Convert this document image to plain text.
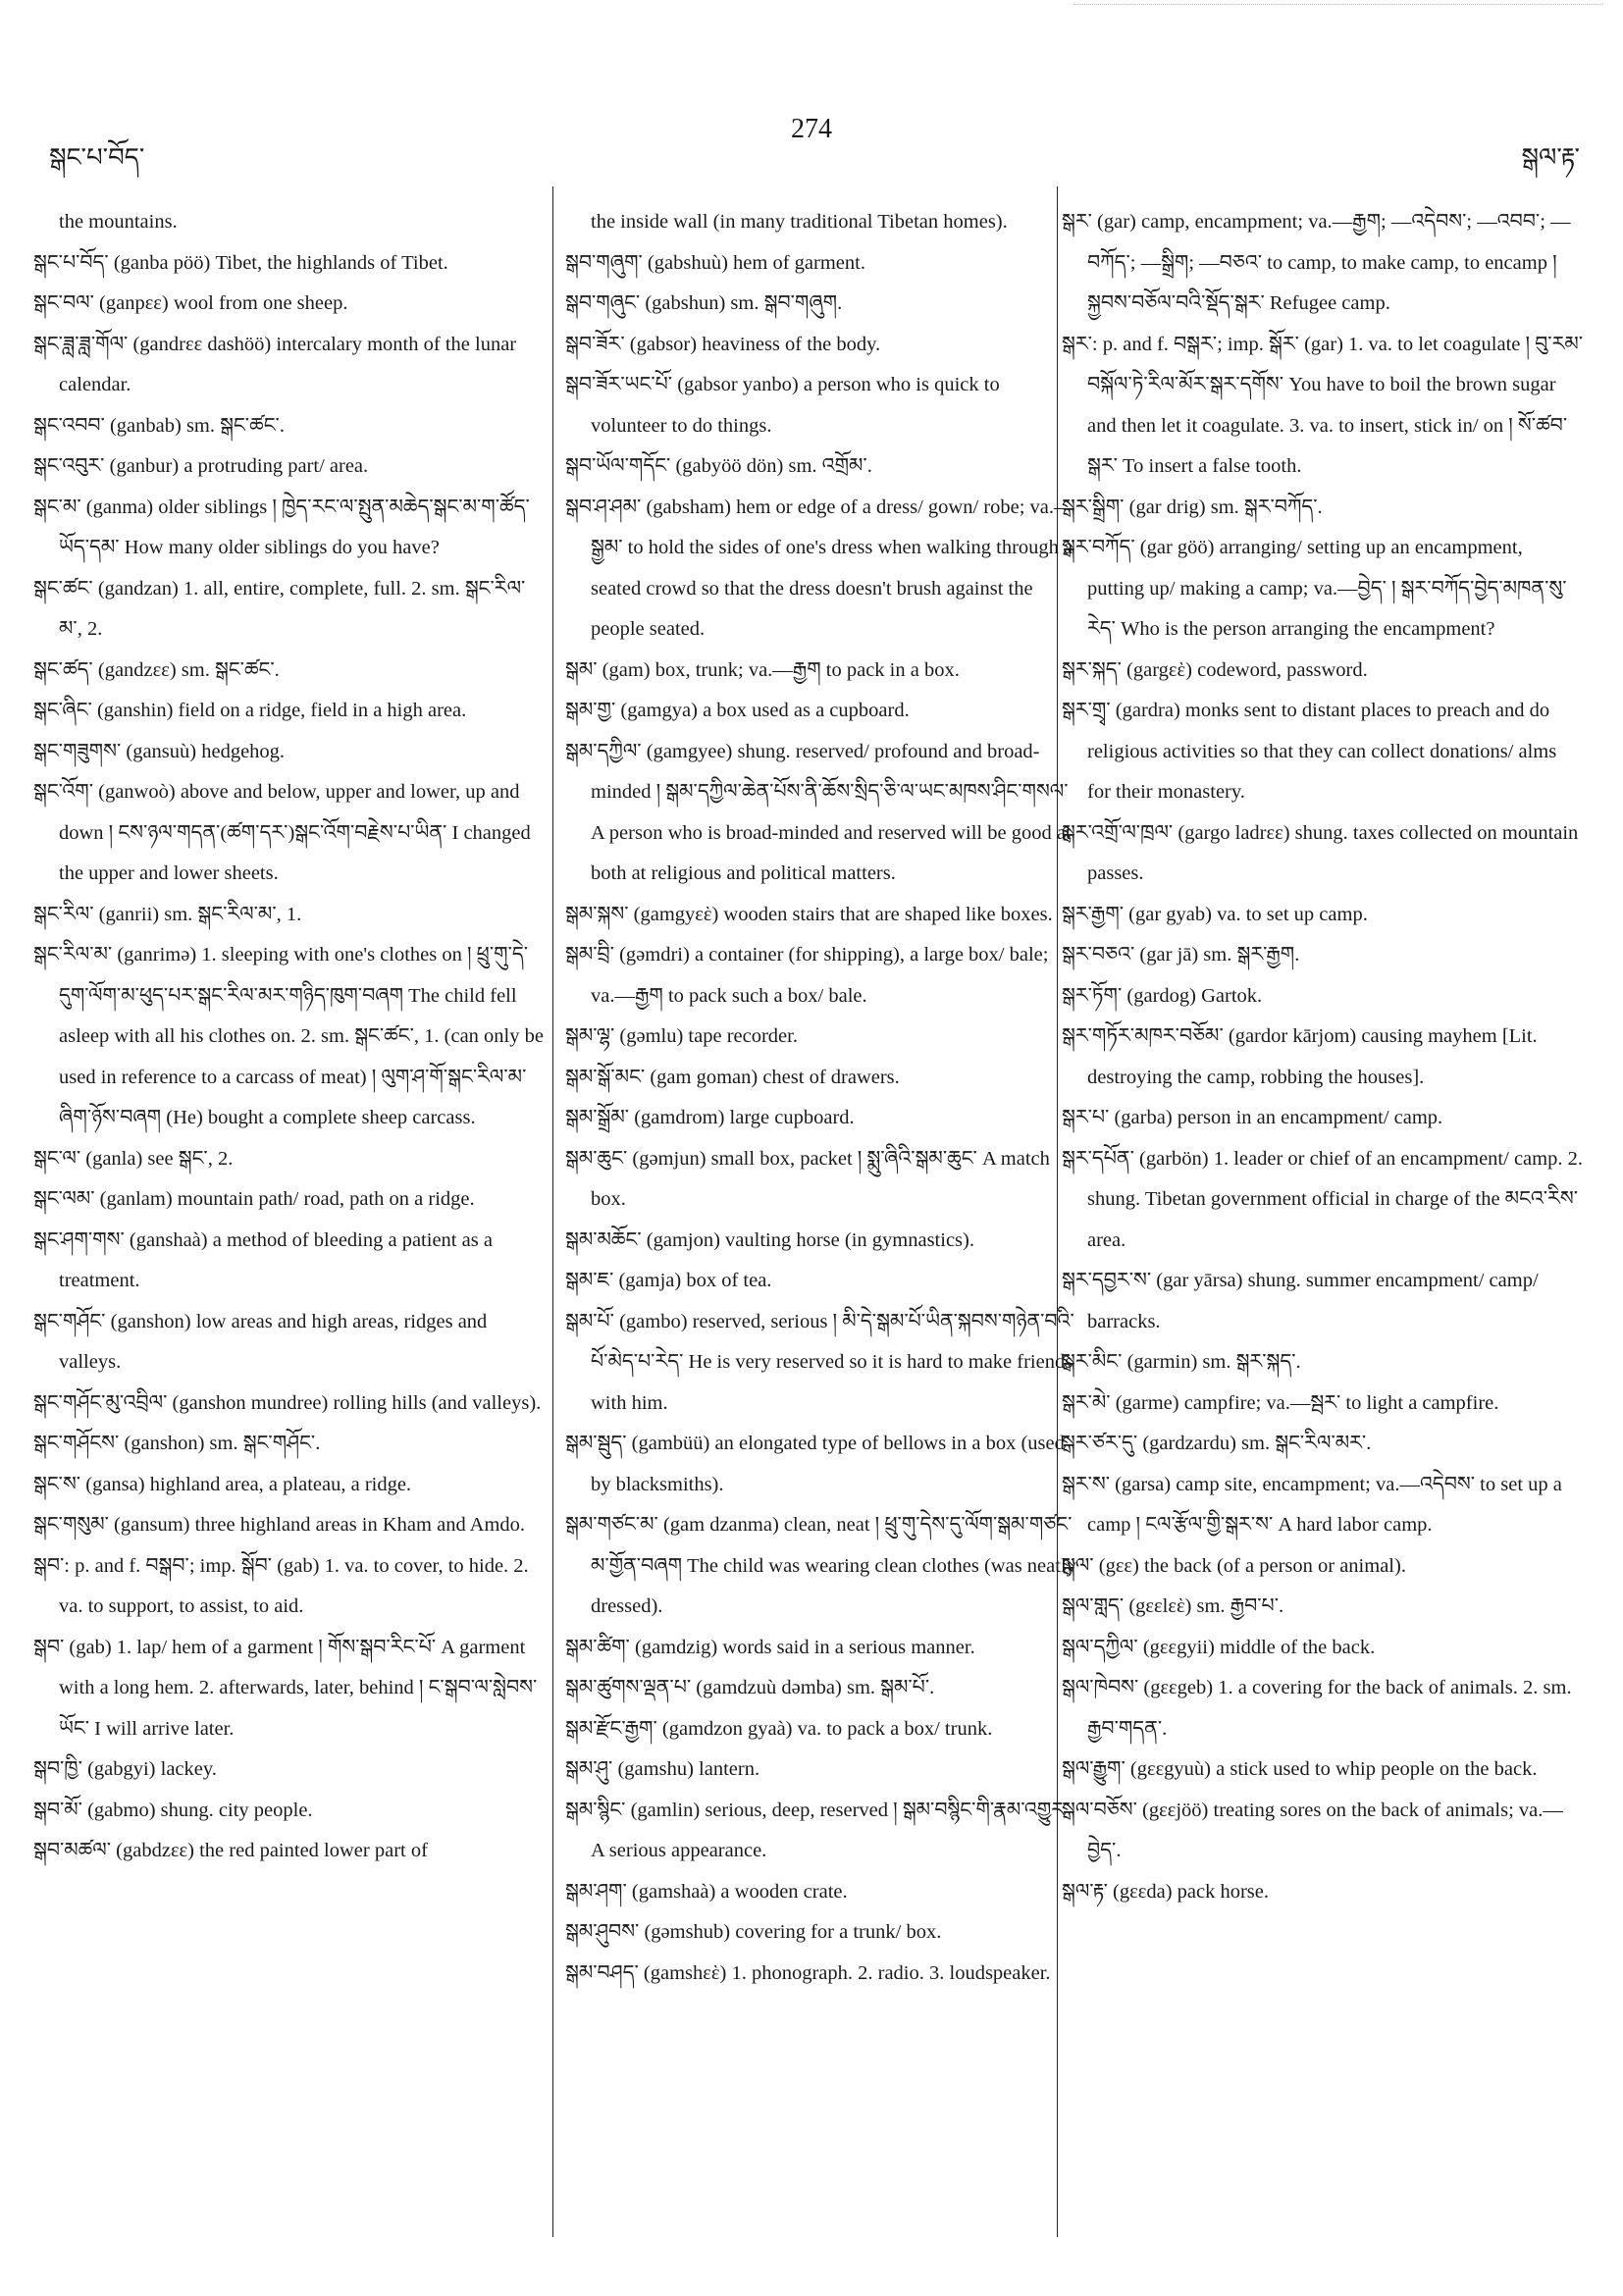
སྒང་པ་བོད་
274
སྒལ་རྟ་

the mountains.

སྒང་པ་བོད་ (ganba pöö) Tibet, the highlands of Tibet.

སྒང་བལ་ (ganpεε) wool from one sheep.

སྒང་ཟླ་ཟླ་གོལ་ (gandrεε dashöö) intercalary month of the lunar calendar.

སྒང་འབབ་ (ganbab) sm. སྒང་ཚང་.

སྒང་འབུར་ (ganbur) a protruding part/ area.

སྒང་མ་ (ganma) older siblings ། ཁྱེད་རང་ལ་སྤུན་མཆེད་སྒང་མ་ག་ཚོད་ཡོད་དམ་ How many older siblings do you have?

སྒང་ཚང་ (gandzan) 1. all, entire, complete, full. 2. sm. སྒང་རིལ་མ་, 2.

སྒང་ཚད་ (gandzεε) sm. སྒང་ཚང་.

སྒང་ཞིང་ (ganshin) field on a ridge, field in a high area.

སྒང་གཟུགས་ (gansuù) hedgehog.

སྒང་འོག་ (ganwoò) above and below, upper and lower, up and down ། ངས་ཉལ་གདན་(ཚག་དར་)སྒང་འོག་བརྗེས་པ་ཡིན་ I changed the upper and lower sheets.

སྒང་རིལ་ (ganrii) sm. སྒང་རིལ་མ་, 1.

སྒང་རིལ་མ་ (ganrimə) 1. sleeping with one's clothes on ། ཕྲུ་གུ་དེ་དུག་ལོག་མ་ཕུད་པར་སྒང་རིལ་མར་གཉིད་ཁུག་བཞག The child fell asleep with all his clothes on. 2. sm. སྒང་ཚང་, 1. (can only be used in reference to a carcass of meat) ། ལུག་ཤ་གོ་སྒང་རིལ་མ་ཞིག་ཉོས་བཞག (He) bought a complete sheep carcass.

སྒང་ལ་ (ganla) see སྒང་, 2.

སྒང་ལམ་ (ganlam) mountain path/ road, path on a ridge.

སྒང་ཤག་གས་ (ganshaà) a method of bleeding a patient as a treatment.

སྒང་གཤོང་ (ganshon) low areas and high areas, ridges and valleys.

སྒང་གཤོང་མུ་འབྲིལ་ (ganshon mundree) rolling hills (and valleys).

སྒང་གཤོངས་ (ganshon) sm. སྒང་གཤོང་.

སྒང་ས་ (gansa) highland area, a plateau, a ridge.

སྒང་གསུམ་ (gansum) three highland areas in Kham and Amdo.

སྒབ་: p. and f. བསྒབ་; imp. སྒོབ་ (gab) 1. va. to cover, to hide. 2. va. to support, to assist, to aid.

སྒབ་ (gab) 1. lap/ hem of a garment ། གོས་སྒབ་རིང་པོ་ A garment with a long hem. 2. afterwards, later, behind ། ང་སྒབ་ལ་སླེབས་ཡོང་ I will arrive later.

སྒབ་ཁྱི་ (gabgyi) lackey.

སྒབ་མོ་ (gabmo) shung. city people.

སྒབ་མཚལ་ (gabdzεε) the red painted lower part of

the inside wall (in many traditional Tibetan homes).

སྒབ་གཞུག་ (gabshuù) hem of garment.

སྒབ་གཞུང་ (gabshun) sm. སྒབ་གཞུག.

སྒབ་ཟོར་ (gabsor) heaviness of the body.

སྒབ་ཟོར་ཡང་པོ་ (gabsor yanbo) a person who is quick to volunteer to do things.

སྒབ་ཡོལ་གདོང་ (gabyöö dön) sm. འགྲོམ་.

སྒབ་ཤ་ཤམ་ (gabsham) hem or edge of a dress/ gown/ robe; va.—སྒྱམ་ to hold the sides of one's dress when walking through a seated crowd so that the dress doesn't brush against the people seated.

སྒམ་ (gam) box, trunk; va.—རྒྱག to pack in a box.

སྒམ་གྱ་ (gamgya) a box used as a cupboard.

སྒམ་དཀྱིལ་ (gamgyee) shung. reserved/ profound and broad-minded ། སྒམ་དཀྱིལ་ཆེན་པོས་ནི་ཆོས་སྲིད་ཅི་ལ་ཡང་མཁས་ཤིང་གསལ་ A person who is broad-minded and reserved will be good at both at religious and political matters.

སྒམ་སྐས་ (gamgyεὲ) wooden stairs that are shaped like boxes.

སྒམ་བྲི་ (gəmdri) a container (for shipping), a large box/ bale; va.—རྒྱག to pack such a box/ bale.

སྒམ་ལྷ་ (gəmlu) tape recorder.

སྒམ་སྒོ་མང་ (gam goman) chest of drawers.

སྒམ་སྒྲོམ་ (gamdrom) large cupboard.

སྒམ་ཆུང་ (gəmjun) small box, packet ། སྨུ་ཞིའི་སྒམ་ཆུང་ A match box.

སྒམ་མཆོང་ (gamjon) vaulting horse (in gymnastics).

སྒམ་ཇ་ (gamja) box of tea.

སྒམ་པོ་ (gambo) reserved, serious ། མི་དེ་སྒམ་པོ་ཡིན་སྐབས་གཉེན་བའི་པོ་མེད་པ་རེད་ He is very reserved so it is hard to make friends with him.

སྒམ་སྦུད་ (gambüü) an elongated type of bellows in a box (used by blacksmiths).

སྒམ་གཙང་མ་ (gam dzanma) clean, neat ། ཕྲུ་གུ་དེས་དུ་ལོག་སྒམ་གཙང་མ་གྱོན་བཞག The child was wearing clean clothes (was neatly dressed).

སྒམ་ཚིག་ (gamdzig) words said in a serious manner.

སྒམ་ཚུགས་ལྡན་པ་ (gamdzuù dəmba) sm. སྒམ་པོ་.

སྒམ་རྫོང་རྒྱག་ (gamdzon gyaà) va. to pack a box/ trunk.

སྒམ་ཤུ་ (gamshu) lantern.

སྒམ་སྙིང་ (gamlin) serious, deep, reserved ། སྒམ་བསྙིང་གི་རྣམ་འགྱུར་ A serious appearance.

སྒམ་ཤག་ (gamshaà) a wooden crate.

སྒམ་ཤུབས་ (gəmshub) covering for a trunk/ box.

སྒམ་བཤད་ (gamshεὲ) 1. phonograph. 2. radio. 3. loudspeaker.

སྒར་ (gar) camp, encampment; va.—རྒྱག; —འདེབས་; —འབབ་; —བཀོད་; —སྒྲིག; —བཅའ་ to camp, to make camp, to encamp ། སྐྱབས་བཅོལ་བའི་སྡོད་སྒར་ Refugee camp.

སྒར་: p. and f. བསྒར་; imp. སྒོར་ (gar) 1. va. to let coagulate ། བུ་རམ་བསྐོལ་ཏེ་རིལ་མོར་སྒར་དགོས་ You have to boil the brown sugar and then let it coagulate. 3. va. to insert, stick in/ on ། སོ་ཚབ་སྒར་ To insert a false tooth.

སྒར་སྒྲིག་ (gar drig) sm. སྒར་བཀོད་.

སྒར་བཀོད་ (gar göö) arranging/ setting up an encampment, putting up/ making a camp; va.—བྱེད་ ། སྒར་བཀོད་བྱེད་མཁན་སུ་རེད་ Who is the person arranging the encampment?

སྒར་སྐད་ (gargεὲ) codeword, password.

སྒར་གྲྭ་ (gardra) monks sent to distant places to preach and do religious activities so that they can collect donations/ alms for their monastery.

སྒར་འགྲོ་ལ་ཁྲལ་ (gargo ladrεε) shung. taxes collected on mountain passes.

སྒར་རྒྱག་ (gar gyab) va. to set up camp.

སྒར་བཅའ་ (gar jā) sm. སྒར་རྒྱག.

སྒར་ཏོག་ (gardog) Gartok.

སྒར་གཏོར་མཁར་བཅོམ་ (gardor kārjom) causing mayhem [Lit. destroying the camp, robbing the houses].

སྒར་པ་ (garba) person in an encampment/ camp.

སྒར་དཔོན་ (garbön) 1. leader or chief of an encampment/ camp. 2. shung. Tibetan government official in charge of the མངའ་རིས་ area.

སྒར་དབྱར་ས་ (gar yārsa) shung. summer encampment/ camp/ barracks.

སྒར་མིང་ (garmin) sm. སྒར་སྐད་.

སྒར་མེ་ (garme) campfire; va.—སྦར་ to light a campfire.

སྒར་ཙར་དུ་ (gardzardu) sm. སྒང་རིལ་མར་.

སྒར་ས་ (garsa) camp site, encampment; va.—འདེབས་ to set up a camp ། ངལ་རྩོལ་གྱི་སྒར་ས་ A hard labor camp.

སྒལ་ (gεε) the back (of a person or animal).

སྒལ་གླད་ (gεεlεὲ) sm. རྒྱབ་པ་.

སྒལ་དཀྱིལ་ (gεεgyii) middle of the back.

སྒལ་ཁེབས་ (gεεgeb) 1. a covering for the back of animals. 2. sm. རྒྱབ་གདན་.

སྒལ་རྒྱུག་ (gεεgyuù) a stick used to whip people on the back.

སྒལ་བཅོས་ (gεεjöö) treating sores on the back of animals; va.—བྱེད་.

སྒལ་རྟ་ (gεεda) pack horse.
